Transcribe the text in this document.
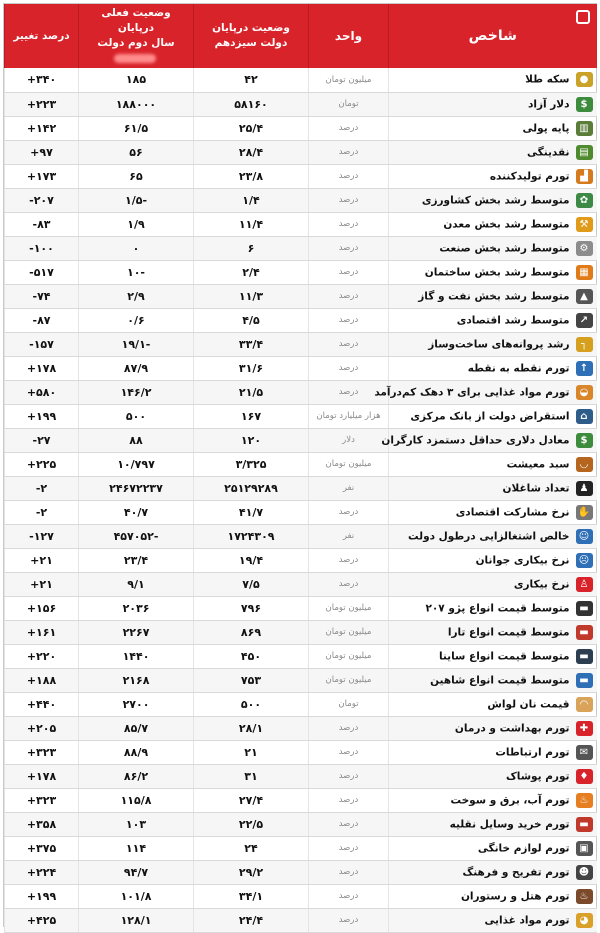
شاخص	واحد	وضعیت درپایان دولت سیزدهم	وضعیت فعلی درپایان
سال دوم دولت	درصد تغییر
●سکه طلا	میلیون تومان	۴۲	۱۸۵	+۳۴۰
$دلار آزاد	تومان	۵۸۱۶۰	۱۸۸۰۰۰	+۲۲۳
▥پایه پولی	درصد	۲۵/۴	۶۱/۵	+۱۴۲
▤نقدینگی	درصد	۲۸/۴	۵۶	+۹۷
▟تورم تولیدکننده	درصد	۲۳/۸	۶۵	+۱۷۳
✿متوسط رشد بخش کشاورزی	درصد	۱/۴	-۱/۵	-۲۰۷
⚒متوسط رشد بخش معدن	درصد	۱۱/۴	۱/۹	-۸۳
⚙متوسط رشد بخش صنعت	درصد	۶	۰	-۱۰۰
▦متوسط رشد بخش ساختمان	درصد	۲/۴	-۱۰	-۵۱۷
▲متوسط رشد بخش نفت و گاز	درصد	۱۱/۳	۲/۹	-۷۴
↗متوسط رشد اقتصادی	درصد	۴/۵	۰/۶	-۸۷
┐رشد پروانه‌های ساخت‌وساز	درصد	۳۳/۴	-۱۹/۱	-۱۵۷
↑تورم نقطه به نقطه	درصد	۳۱/۶	۸۷/۹	+۱۷۸
◒تورم مواد غذایی برای ۳ دهک کم‌درآمد	درصد	۲۱/۵	۱۴۶/۲	+۵۸۰
⌂استقراض دولت از بانک مرکزی	هزار میلیارد تومان	۱۶۷	۵۰۰	+۱۹۹
$معادل دلاری حداقل دستمزد کارگران	دلار	۱۲۰	۸۸	-۲۷
◡سبد معیشت	میلیون تومان	۳/۳۲۵	۱۰/۷۹۷	+۲۲۵
♟تعداد شاغلان	نفر	۲۵۱۲۹۲۸۹	۲۴۶۷۲۲۳۷	-۲
✋نرخ مشارکت اقتصادی	درصد	۴۱/۷	۴۰/۷	-۲
☺خالص اشتغالزایی درطول دولت	نفر	۱۷۲۴۳۰۹	-۴۵۷۰۵۲	-۱۲۷
☹نرخ بیکاری جوانان	درصد	۱۹/۴	۲۳/۴	+۲۱
♙نرخ بیکاری	درصد	۷/۵	۹/۱	+۲۱
▬متوسط قیمت انواع پژو ۲۰۷	میلیون تومان	۷۹۶	۲۰۳۶	+۱۵۶
▬متوسط قیمت انواع تارا	میلیون تومان	۸۶۹	۲۲۶۷	+۱۶۱
▬متوسط قیمت انواع ساینا	میلیون تومان	۴۵۰	۱۴۴۰	+۲۲۰
▬متوسط قیمت انواع شاهین	میلیون تومان	۷۵۳	۲۱۶۸	+۱۸۸
◠قیمت نان لواش	تومان	۵۰۰	۲۷۰۰	+۴۴۰
✚تورم بهداشت و درمان	درصد	۲۸/۱	۸۵/۷	+۲۰۵
✉تورم ارتباطات	درصد	۲۱	۸۸/۹	+۳۲۳
♦تورم پوشاک	درصد	۳۱	۸۶/۲	+۱۷۸
♨تورم آب، برق و سوخت	درصد	۲۷/۴	۱۱۵/۸	+۳۲۳
▬تورم خرید وسایل نقلیه	درصد	۲۲/۵	۱۰۳	+۳۵۸
▣تورم لوازم خانگی	درصد	۲۴	۱۱۴	+۳۷۵
☻تورم تفریح و فرهنگ	درصد	۲۹/۲	۹۴/۷	+۲۲۴
♨تورم هتل و رستوران	درصد	۳۴/۱	۱۰۱/۸	+۱۹۹
◕تورم مواد غذایی	درصد	۲۴/۴	۱۲۸/۱	+۴۲۵
